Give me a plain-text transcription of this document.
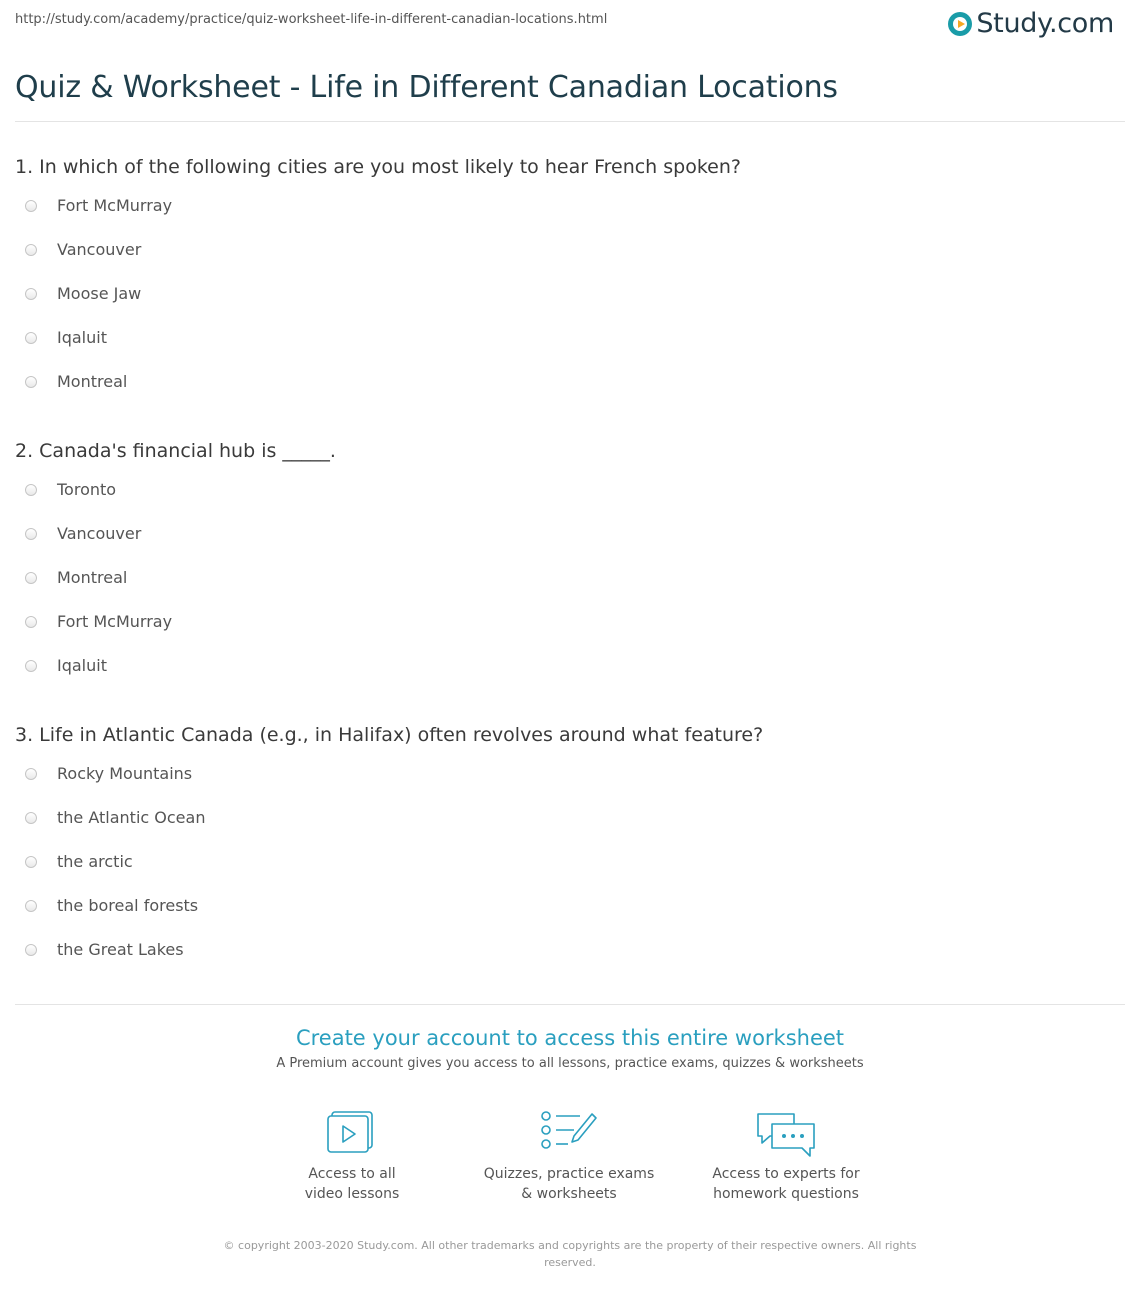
http://study.com/academy/practice/quiz-worksheet-life-in-different-canadian-locations.html	Study.com
Quiz & Worksheet - Life in Different Canadian Locations
1. In which of the following cities are you most likely to hear French spoken?
Fort McMurray
Vancouver
Moose Jaw
Iqaluit
Montreal
2. Canada's financial hub is _____.
Toronto
Vancouver
Montreal
Fort McMurray
Iqaluit
3. Life in Atlantic Canada (e.g., in Halifax) often revolves around what feature?
Rocky Mountains
the Atlantic Ocean
the arctic
the boreal forests
the Great Lakes
Create your account to access this entire worksheet
A Premium account gives you access to all lessons, practice exams, quizzes & worksheets
Access to all
video lessons
Quizzes, practice exams
& worksheets
Access to experts for
homework questions
© copyright 2003-2020 Study.com. All other trademarks and copyrights are the property of their respective owners. All rights reserved.
